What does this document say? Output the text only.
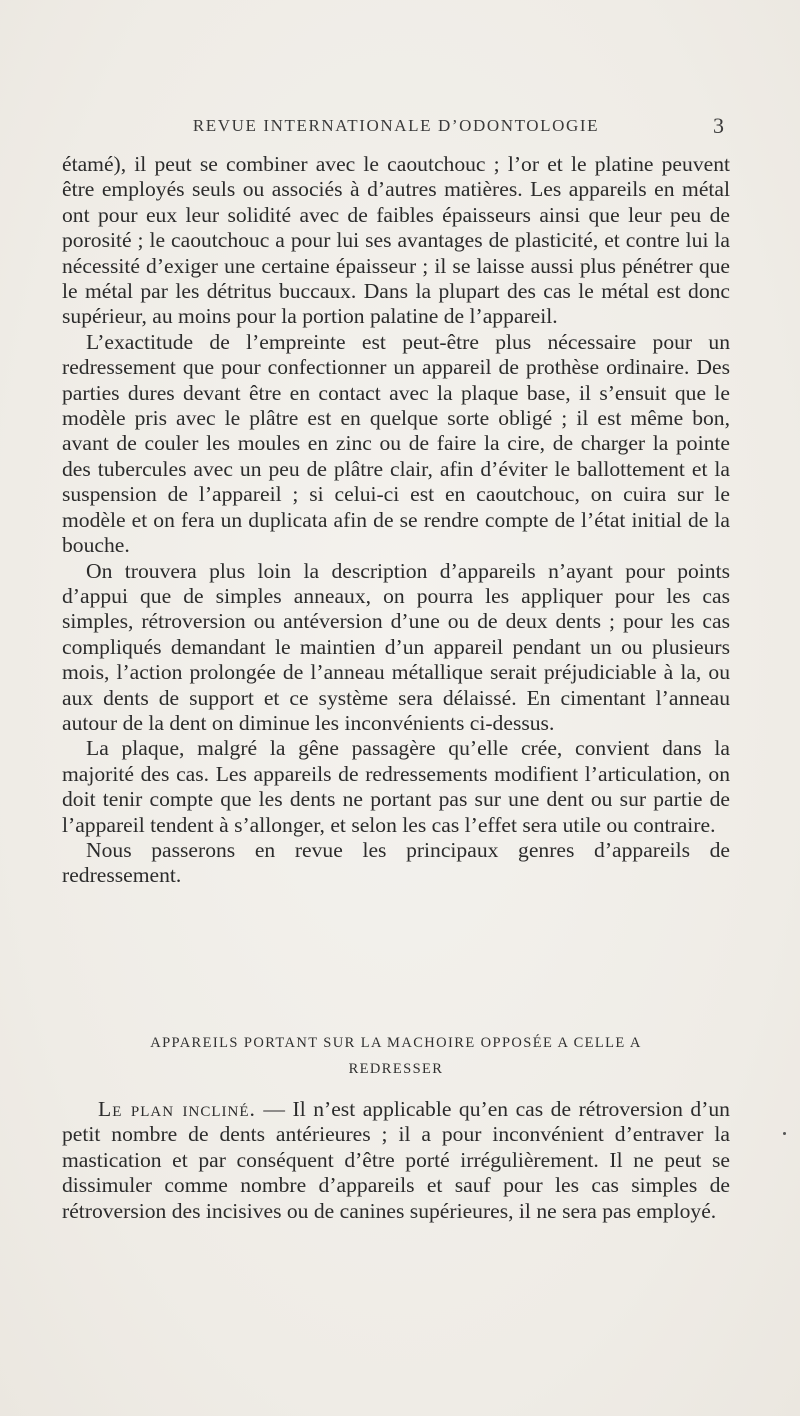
REVUE INTERNATIONALE D’ODONTOLOGIE	3

étamé), il peut se combiner avec le caoutchouc ; l’or et le platine peuvent être employés seuls ou associés à d’autres matières. Les appareils en métal ont pour eux leur solidité avec de faibles épaisseurs ainsi que leur peu de porosité ; le caoutchouc a pour lui ses avantages de plasticité, et contre lui la nécessité d’exiger une certaine épaisseur ; il se laisse aussi plus pénétrer que le métal par les détritus buccaux. Dans la plupart des cas le métal est donc supérieur, au moins pour la portion palatine de l’appareil.

L’exactitude de l’empreinte est peut-être plus nécessaire pour un redressement que pour confectionner un appareil de prothèse ordinaire. Des parties dures devant être en contact avec la plaque base, il s’ensuit que le modèle pris avec le plâtre est en quelque sorte obligé ; il est même bon, avant de couler les moules en zinc ou de faire la cire, de charger la pointe des tubercules avec un peu de plâtre clair, afin d’éviter le ballottement et la suspension de l’appareil ; si celui-ci est en caoutchouc, on cuira sur le modèle et on fera un duplicata afin de se rendre compte de l’état initial de la bouche.

On trouvera plus loin la description d’appareils n’ayant pour points d’appui que de simples anneaux, on pourra les appliquer pour les cas simples, rétroversion ou antéversion d’une ou de deux dents ; pour les cas compliqués demandant le maintien d’un appareil pendant un ou plusieurs mois, l’action prolongée de l’anneau métallique serait préjudiciable à la, ou aux dents de support et ce système sera délaissé. En cimentant l’anneau autour de la dent on diminue les inconvénients ci-dessus.

La plaque, malgré la gêne passagère qu’elle crée, convient dans la majorité des cas. Les appareils de redressements modifient l’articulation, on doit tenir compte que les dents ne portant pas sur une dent ou sur partie de l’appareil tendent à s’allonger, et selon les cas l’effet sera utile ou contraire.

Nous passerons en revue les principaux genres d’appareils de redressement.

APPAREILS PORTANT SUR LA MACHOIRE OPPOSÉE A CELLE A
REDRESSER

Le plan incliné. — Il n’est applicable qu’en cas de rétroversion d’un petit nombre de dents antérieures ; il a pour inconvénient d’entraver la mastication et par conséquent d’être porté irrégulièrement. Il ne peut se dissimuler comme nombre d’appareils et sauf pour les cas simples de rétroversion des incisives ou de canines supérieures, il ne sera pas employé.
